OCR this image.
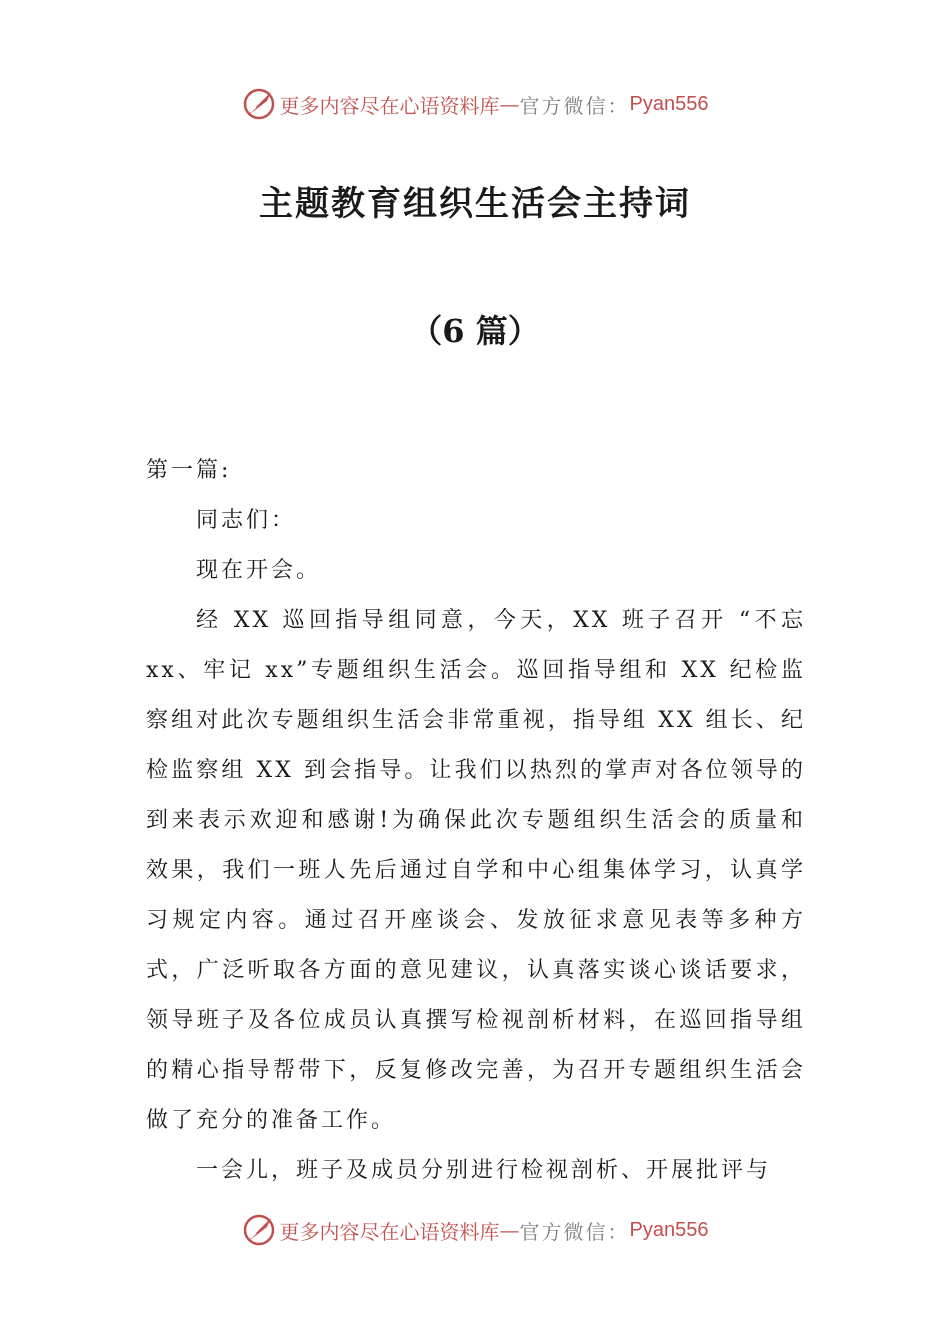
更多内容尽在心语资料库 — 官方微信： Pyan556
主题教育组织生活会主持词
（6 篇）

第一篇:

同志们：

现在开会。

经 XX 巡回指导组同意，今天，XX 班子召开 “不忘 xx、牢记 xx”专题组织生活会。巡回指导组和 XX 纪检监察组对此次专题组织生活会非常重视，指导组 XX 组长、纪检监察组 XX 到会指导。让我们以热烈的掌声对各位领导的到来表示欢迎和感谢!为确保此次专题组织生活会的质量和效果，我们一班人先后通过自学和中心组集体学习，认真学习规定内容。通过召开座谈会、发放征求意见表等多种方式，广泛听取各方面的意见建议，认真落实谈心谈话要求，领导班子及各位成员认真撰写检视剖析材料，在巡回指导组的精心指导帮带下，反复修改完善，为召开专题组织生活会做了充分的准备工作。

一会儿，班子及成员分别进行检视剖析、开展批评与

更多内容尽在心语资料库 — 官方微信： Pyan556
